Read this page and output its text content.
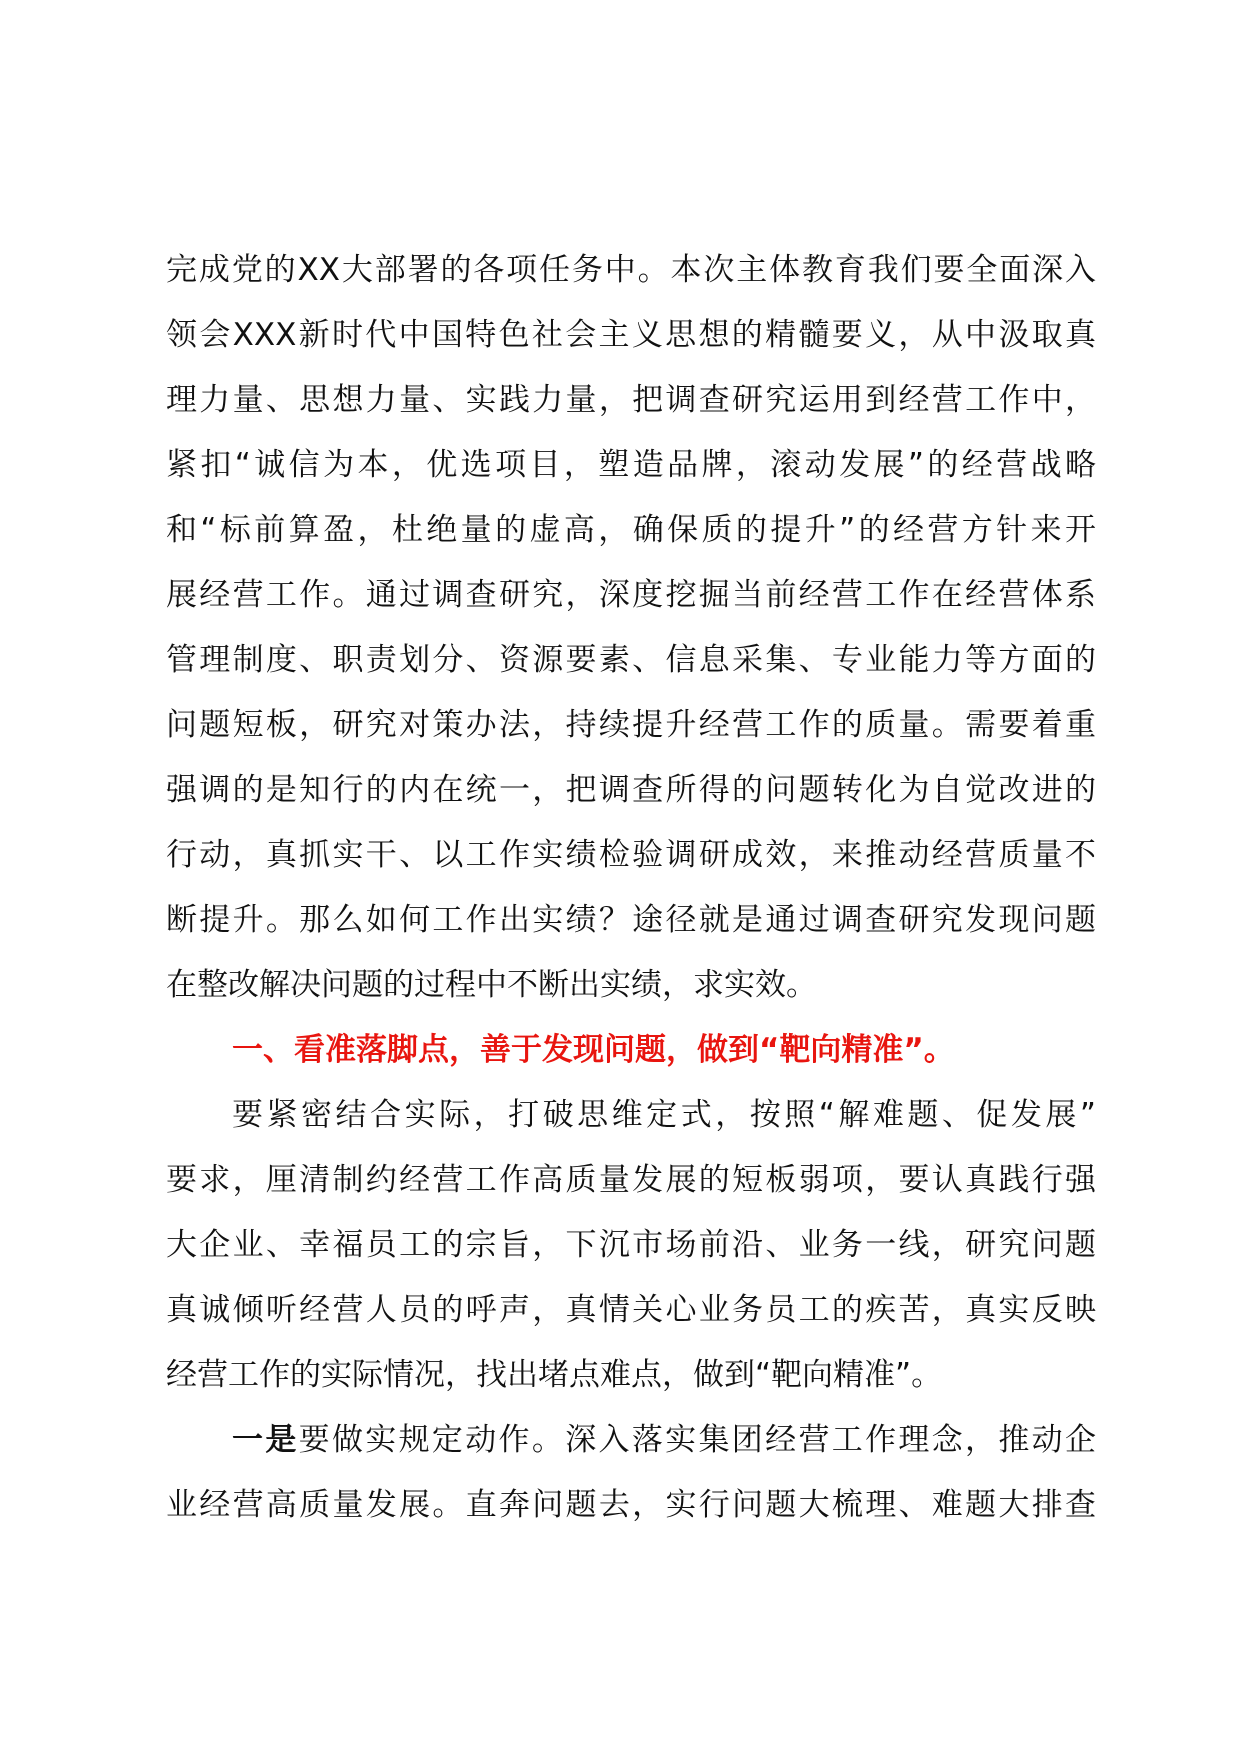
完成党的XX大部署的各项任务中。本次主体教育我们要全面深入
领会XXX新时代中国特色社会主义思想的精髓要义，从中汲取真
理力量、思想力量、实践力量，把调查研究运用到经营工作中，
紧扣“诚信为本，优选项目，塑造品牌，滚动发展”的经营战略
和“标前算盈，杜绝量的虚高，确保质的提升”的经营方针来开
展经营工作。通过调查研究，深度挖掘当前经营工作在经营体系
管理制度、职责划分、资源要素、信息采集、专业能力等方面的
问题短板，研究对策办法，持续提升经营工作的质量。需要着重
强调的是知行的内在统一，把调查所得的问题转化为自觉改进的
行动，真抓实干、以工作实绩检验调研成效，来推动经营质量不
断提升。那么如何工作出实绩？途径就是通过调查研究发现问题
在整改解决问题的过程中不断出实绩，求实效。
一、看准落脚点，善于发现问题，做到“靶向精准”。
要紧密结合实际，打破思维定式，按照“解难题、促发展”
要求，厘清制约经营工作高质量发展的短板弱项，要认真践行强
大企业、幸福员工的宗旨，下沉市场前沿、业务一线，研究问题
真诚倾听经营人员的呼声，真情关心业务员工的疾苦，真实反映
经营工作的实际情况，找出堵点难点，做到“靶向精准”。
一是要做实规定动作。深入落实集团经营工作理念，推动企
业经营高质量发展。直奔问题去，实行问题大梳理、难题大排查
